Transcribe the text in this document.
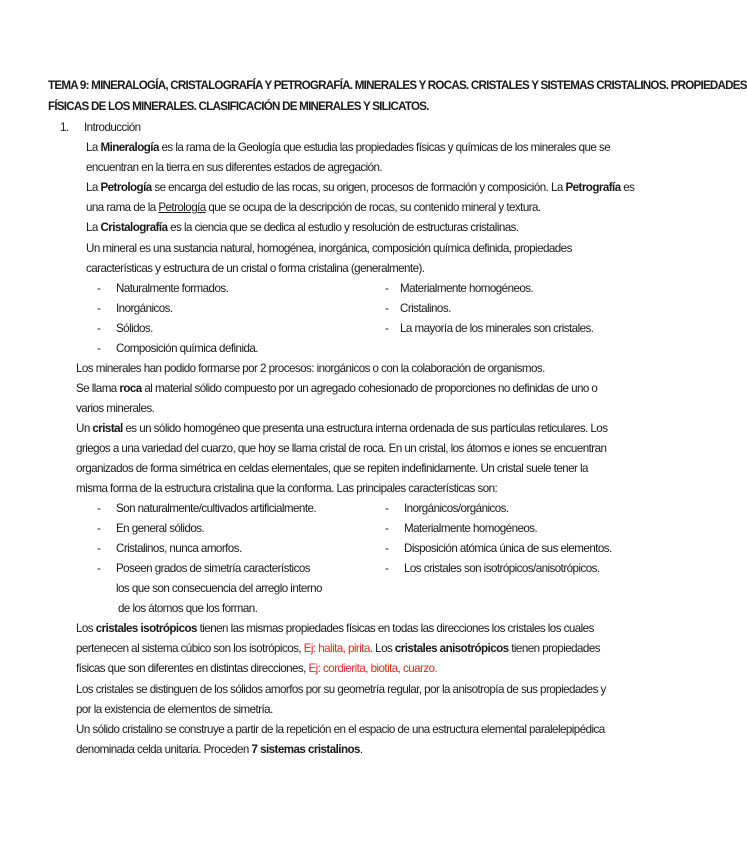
TEMA 9: MINERALOGÍA, CRISTALOGRAFÍA Y PETROGRAFÍA. MINERALES Y ROCAS. CRISTALES Y SISTEMAS CRISTALINOS. PROPIEDADES
FÍSICAS DE LOS MINERALES. CLASIFICACIÓN DE MINERALES Y SILICATOS.
1. Introducción
La Mineralogía es la rama de la Geología que estudia las propiedades físicas y químicas de los minerales que se
encuentran en la tierra en sus diferentes estados de agregación.
La Petrología se encarga del estudio de las rocas, su origen, procesos de formación y composición. La Petrografía es
una rama de la Petrología que se ocupa de la descripción de rocas, su contenido mineral y textura.
La Cristalografía es la ciencia que se dedica al estudio y resolución de estructuras cristalinas.
Un mineral es una sustancia natural, homogénea, inorgánica, composición química definida, propiedades
características y estructura de un cristal o forma cristalina (generalmente).
- Naturalmente formados.
- Inorgánicos.
- Sólidos.
- Composición química definida.
- Materialmente homogéneos.
- Cristalinos.
- La mayoría de los minerales son cristales.
Los minerales han podido formarse por 2 procesos: inorgánicos o con la colaboración de organismos.
Se llama roca al material sólido compuesto por un agregado cohesionado de proporciones no definidas de uno o
varios minerales.
Un cristal es un sólido homogéneo que presenta una estructura interna ordenada de sus partículas reticulares. Los
griegos a una variedad del cuarzo, que hoy se llama cristal de roca. En un cristal, los átomos e iones se encuentran
organizados de forma simétrica en celdas elementales, que se repiten indefinidamente. Un cristal suele tener la
misma forma de la estructura cristalina que la conforma. Las principales características son:
- Son naturalmente/cultivados artificialmente.
- En general sólidos.
- Cristalinos, nunca amorfos.
- Poseen grados de simetría característicos
los que son consecuencia del arreglo interno
de los átomos que los forman.
- Inorgánicos/orgánicos.
- Materialmente homogéneos.
- Disposición atómica única de sus elementos.
- Los cristales son isotrópicos/anisotrópicos.
Los cristales isotrópicos tienen las mismas propiedades físicas en todas las direcciones los cristales los cuales
pertenecen al sistema cúbico son los isotrópicos, Ej: halita, pirita. Los cristales anisotrópicos tienen propiedades
físicas que son diferentes en distintas direcciones, Ej: cordierita, biotita, cuarzo.
Los cristales se distinguen de los sólidos amorfos por su geometría regular, por la anisotropía de sus propiedades y
por la existencia de elementos de simetría.
Un sólido cristalino se construye a partir de la repetición en el espacio de una estructura elemental paralelepipédica
denominada celda unitaria. Proceden 7 sistemas cristalinos.
